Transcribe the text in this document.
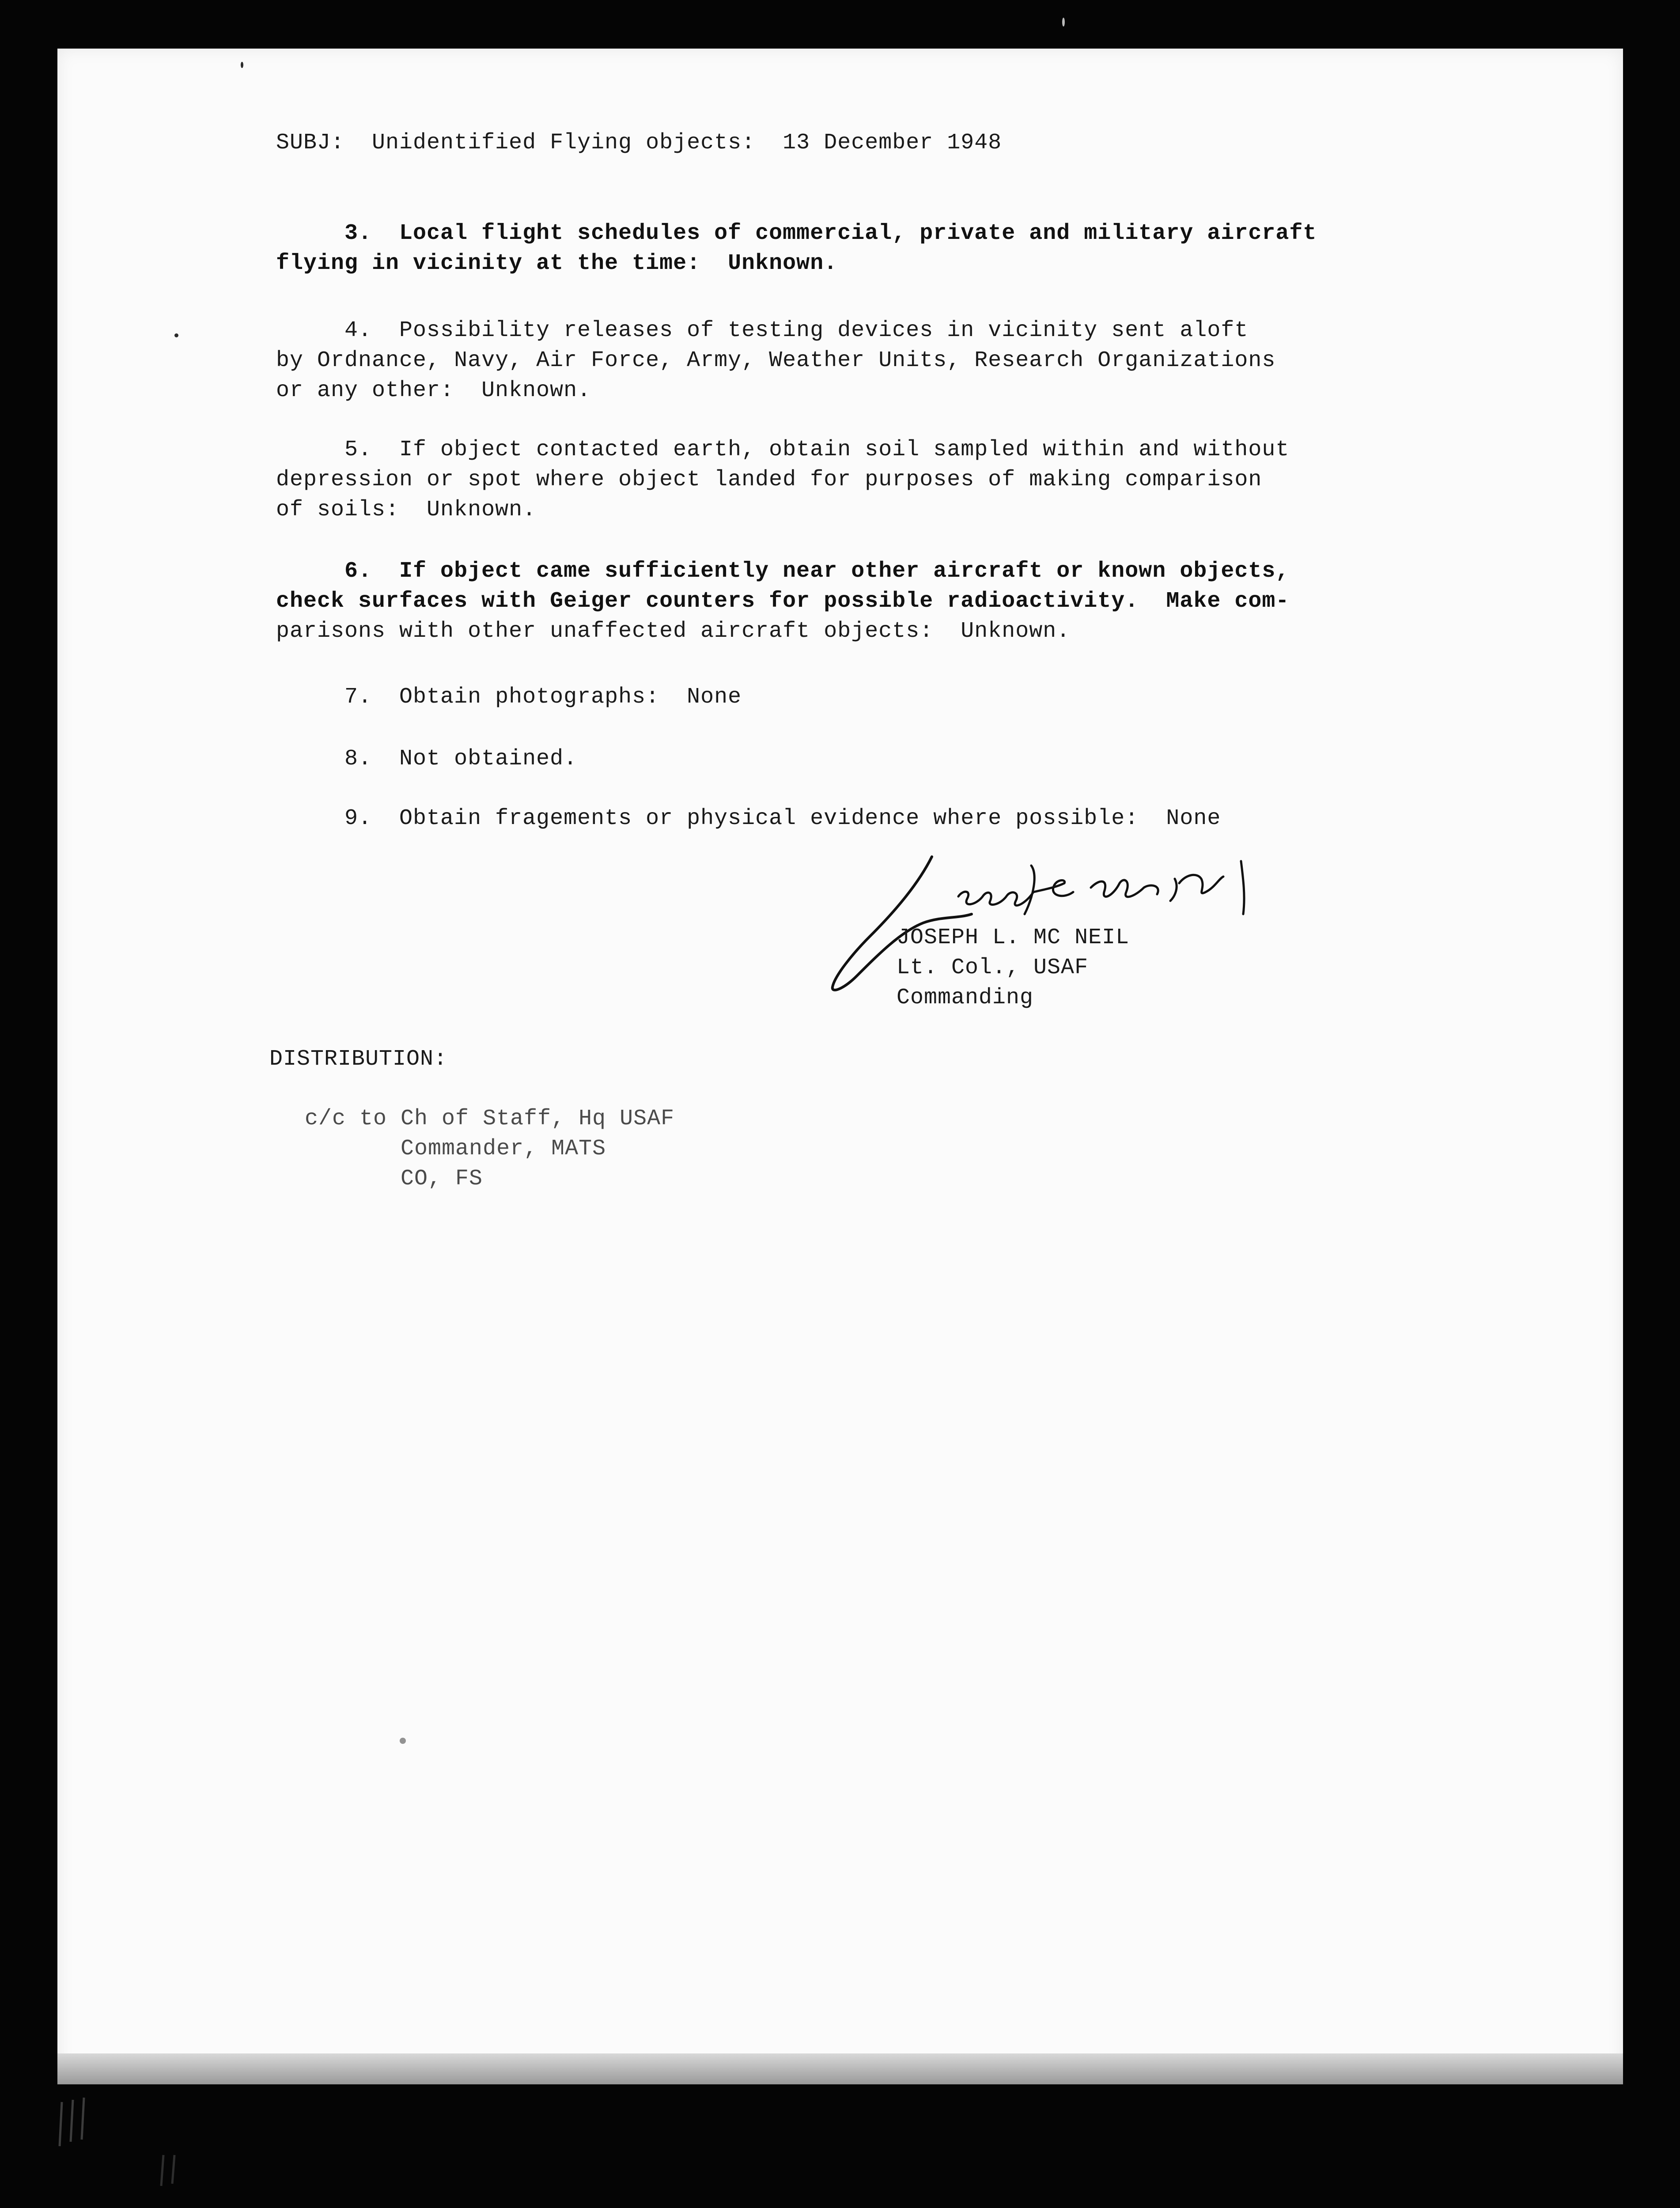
SUBJ:  Unidentified Flying objects:  13 December 1948
3.  Local flight schedules of commercial, private and military aircraft
flying in vicinity at the time:  Unknown.
4.  Possibility releases of testing devices in vicinity sent aloft
by Ordnance, Navy, Air Force, Army, Weather Units, Research Organizations
or any other:  Unknown.
5.  If object contacted earth, obtain soil sampled within and without
depression or spot where object landed for purposes of making comparison
of soils:  Unknown.
6.  If object came sufficiently near other aircraft or known objects,
check surfaces with Geiger counters for possible radioactivity.  Make com-
parisons with other unaffected aircraft objects:  Unknown.
7.  Obtain photographs:  None
8.  Not obtained.
9.  Obtain fragements or physical evidence where possible:  None
JOSEPH L. MC NEIL
Lt. Col., USAF
Commanding
DISTRIBUTION:
c/c to Ch of Staff, Hq USAF
Commander, MATS
CO, FS
